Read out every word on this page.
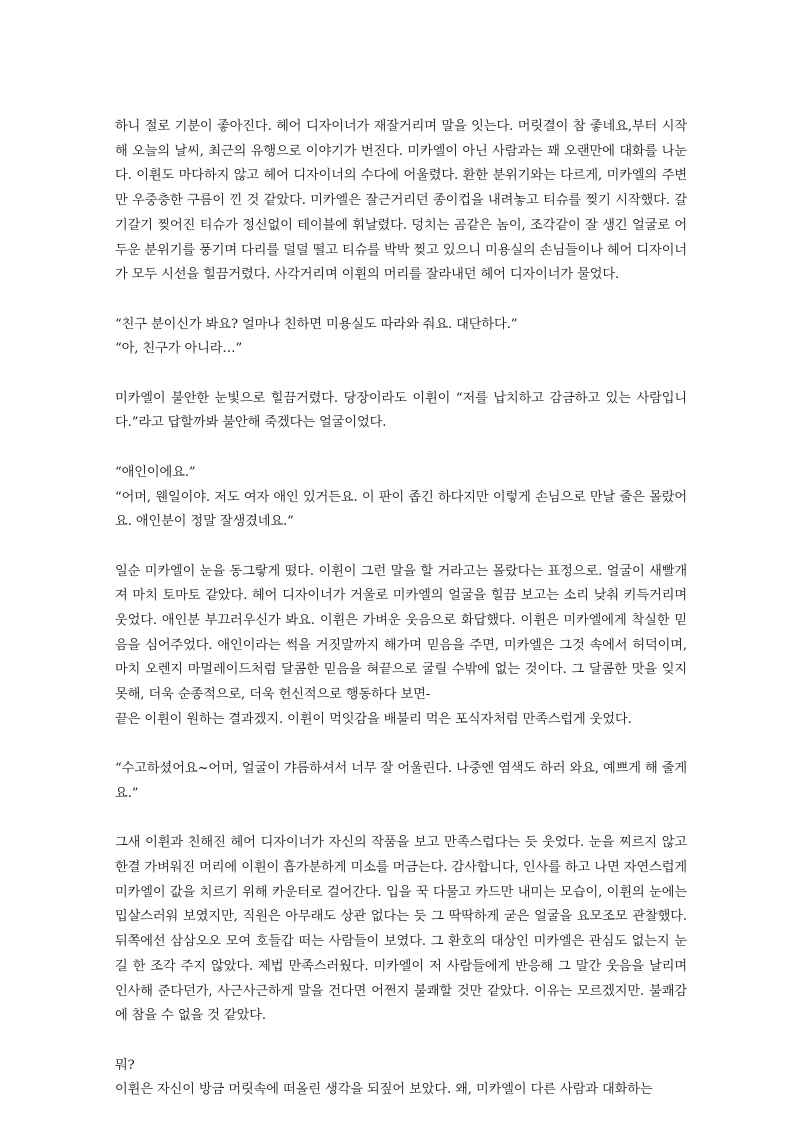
하니 절로 기분이 좋아진다. 헤어 디자이너가 재잘거리며 말을 잇는다. 머릿결이 참 좋네요,부터 시작해 오늘의 날씨, 최근의 유행으로 이야기가 번진다. 미카엘이 아닌 사람과는 꽤 오랜만에 대화를 나눈다. 이휜도 마다하지 않고 헤어 디자이너의 수다에 어울렸다. 환한 분위기와는 다르게, 미카엘의 주변만 우중충한 구름이 낀 것 같았다. 미카엘은 잘근거리던 종이컵을 내려놓고 티슈를 찢기 시작했다. 갈기갈기 찢어진 티슈가 정신없이 테이블에 휘날렸다. 덩치는 곰같은 놈이, 조각같이 잘 생긴 얼굴로 어두운 분위기를 풍기며 다리를 덜덜 떨고 티슈를 박박 찢고 있으니 미용실의 손님들이나 헤어 디자이너가 모두 시선을 힐끔거렸다. 사각거리며 이휜의 머리를 잘라내던 헤어 디자이너가 물었다.

“친구 분이신가 봐요? 얼마나 친하면 미용실도 따라와 줘요. 대단하다.”

“아, 친구가 아니라…”

미카엘이 불안한 눈빛으로 힐끔거렸다. 당장이라도 이휜이 “저를 납치하고 감금하고 있는 사람입니다.”라고 답할까봐 불안해 죽겠다는 얼굴이었다.

“애인이에요.”

“어머, 웬일이야. 저도 여자 애인 있거든요. 이 판이 좁긴 하다지만 이렇게 손님으로 만날 줄은 몰랐어요. 애인분이 정말 잘생겼네요.”

일순 미카엘이 눈을 동그랗게 떴다. 이휜이 그런 말을 할 거라고는 몰랐다는 표정으로. 얼굴이 새빨개져 마치 토마토 같았다. 헤어 디자이너가 거울로 미카엘의 얼굴을 힐끔 보고는 소리 낮춰 키득거리며 웃었다. 애인분 부끄러우신가 봐요. 이휜은 가벼운 웃음으로 화답했다. 이휜은 미카엘에게 착실한 믿음을 심어주었다. 애인이라는 썩을 거짓말까지 해가며 믿음을 주면, 미카엘은 그것 속에서 허덕이며, 마치 오렌지 마멀레이드처럼 달콤한 믿음을 혀끝으로 굴릴 수밖에 없는 것이다. 그 달콤한 맛을 잊지 못해, 더욱 순종적으로, 더욱 헌신적으로 행동하다 보면-

끝은 이휜이 원하는 결과겠지. 이휜이 먹잇감을 배불리 먹은 포식자처럼 만족스럽게 웃었다.

“수고하셨어요~어머, 얼굴이 갸름하셔서 너무 잘 어울린다. 나중엔 염색도 하러 와요, 예쁘게 해 줄게요.”

그새 이휜과 친해진 헤어 디자이너가 자신의 작품을 보고 만족스럽다는 듯 웃었다. 눈을 찌르지 않고 한결 가벼워진 머리에 이휜이 흡가분하게 미소를 머금는다. 감사합니다, 인사를 하고 나면 자연스럽게 미카엘이 값을 치르기 위해 카운터로 걸어간다. 입을 꾹 다물고 카드만 내미는 모습이, 이휜의 눈에는 밉살스러워 보였지만, 직원은 아무래도 상관 없다는 듯 그 딱딱하게 굳은 얼굴을 요모조모 관찰했다. 뒤쪽에선 삼삼오오 모여 호들갑 떠는 사람들이 보였다. 그 환호의 대상인 미카엘은 관심도 없는지 눈길 한 조각 주지 않았다. 제법 만족스러웠다. 미카엘이 저 사람들에게 반응해 그 말간 웃음을 날리며 인사해 준다던가, 사근사근하게 말을 건다면 어쩐지 불쾌할 것만 같았다. 이유는 모르겠지만. 불쾌감에 참을 수 없을 것 같았다.

뭐?

이휜은 자신이 방금 머릿속에 떠올린 생각을 되짚어 보았다. 왜, 미카엘이 다른 사람과 대화하는
